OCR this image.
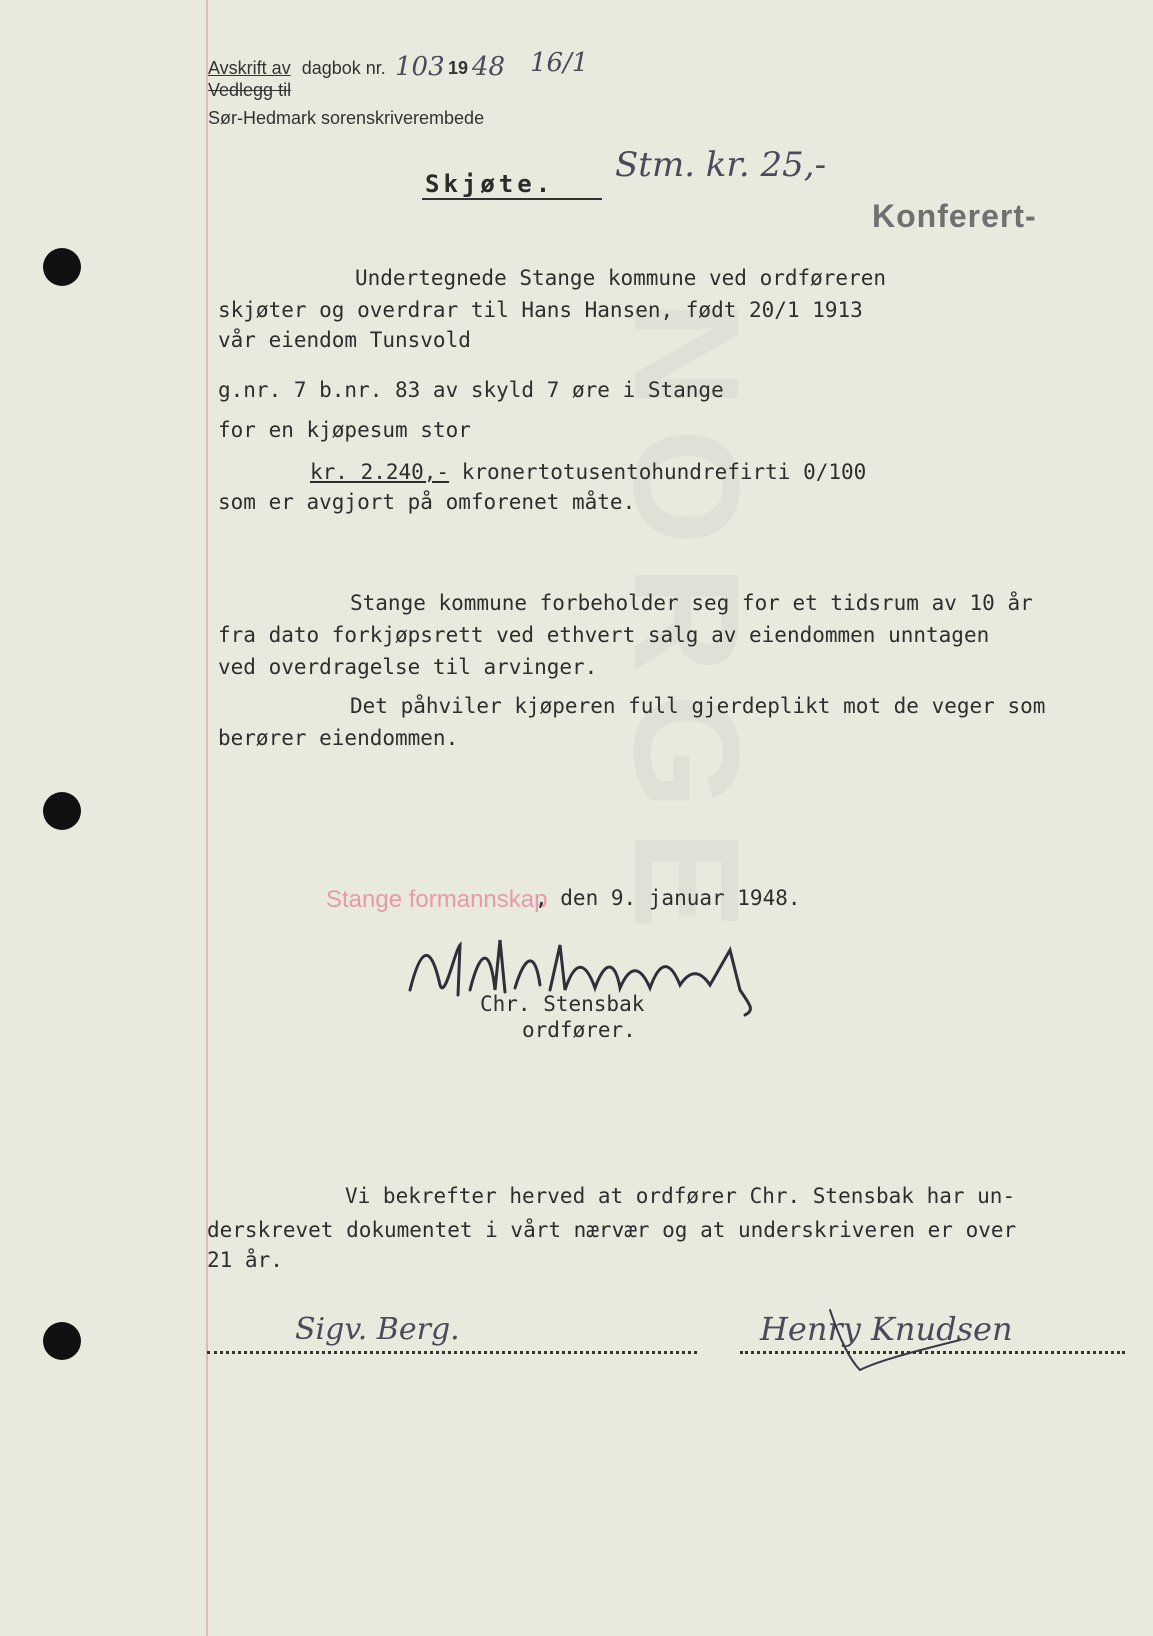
Avskrift av dagbok nr.
Vedlegg til
Sør-Hedmark sorenskriverembede
103 19 48 16/1
Stm. kr. 25,-
Konferert-
Skjøte.
Undertegnede Stange kommune ved ordføreren
skjøter og overdrar til Hans Hansen, født 20/1 1913
vår eiendom Tunsvold
g.nr. 7 b.nr. 83 av skyld 7 øre i Stange
for en kjøpesum stor
kr. 2.240,- kronertotusentohundrefirti 0/100
som er avgjort på omforenet måte.
Stange kommune forbeholder seg for et tidsrum av 10 år
fra dato forkjøpsrett ved ethvert salg av eiendommen unntagen
ved overdragelse til arvinger.
Det påhviler kjøperen full gjerdeplikt mot de veger som
berører eiendommen.
Stange formannskap
, den 9. januar 1948.
Chr. Stensbak
ordfører.
Vi bekrefter herved at ordfører Chr. Stensbak har un-
derskrevet dokumentet i vårt nærvær og at underskriveren er over
21 år.
Sigv. Berg.	Henry Knudsen
